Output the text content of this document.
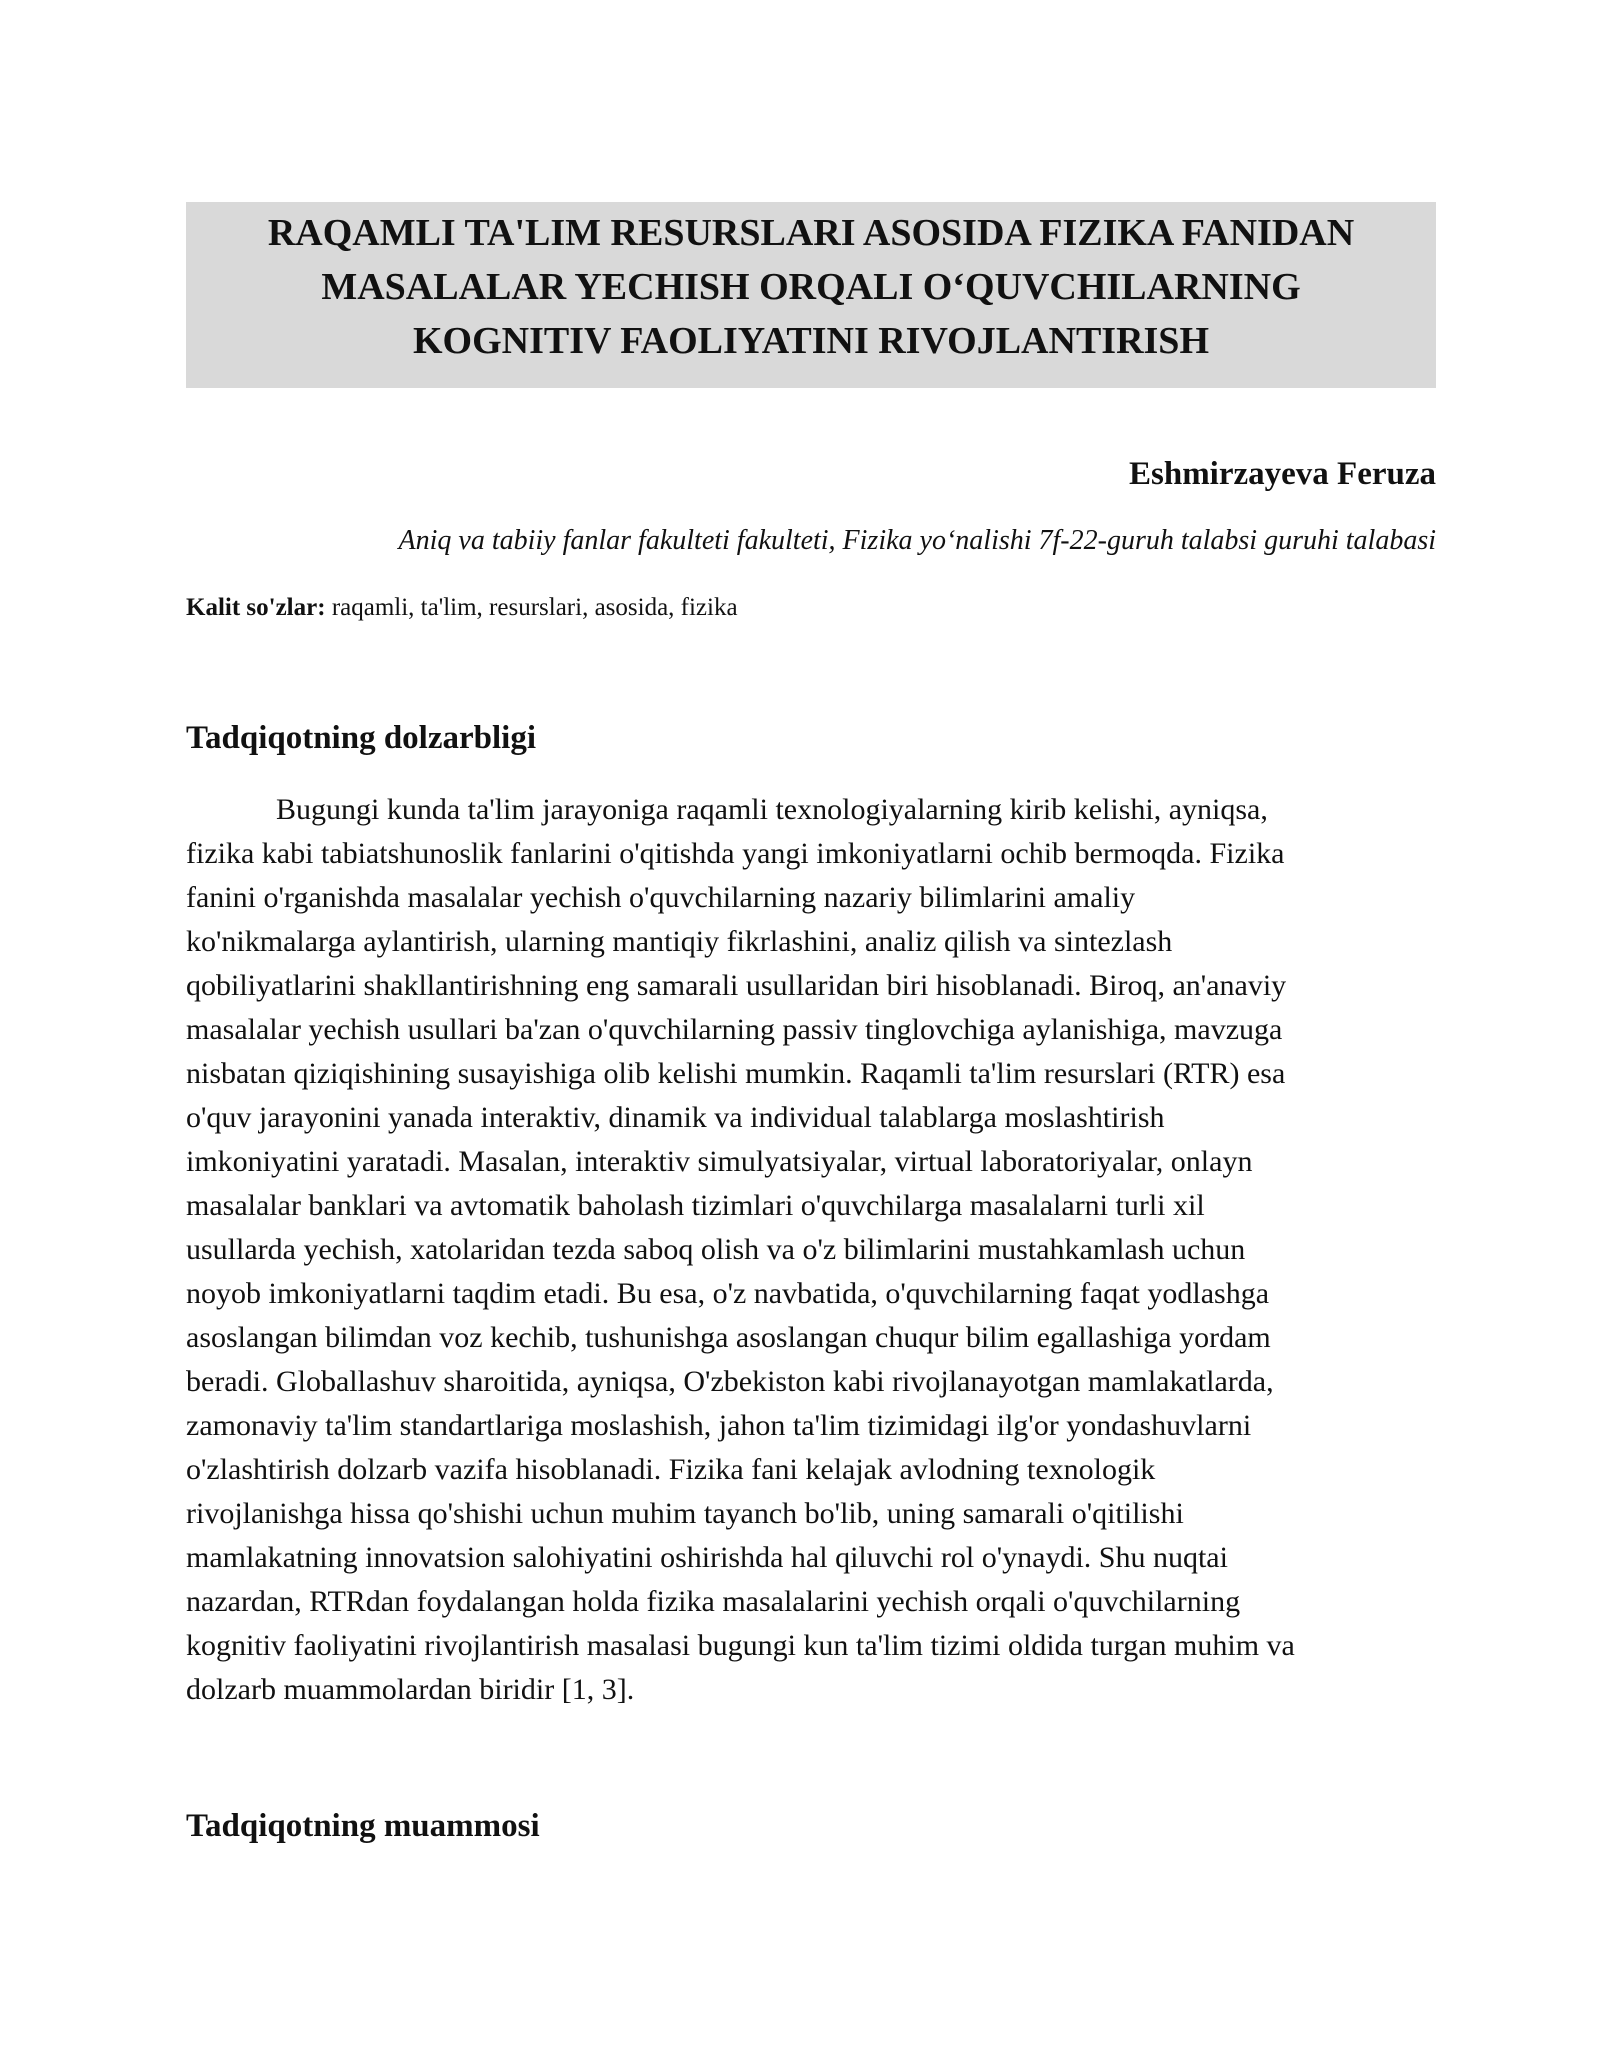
RAQAMLI TA'LIM RESURSLARI ASOSIDA FIZIKA FANIDAN
MASALALAR YECHISH ORQALI O‘QUVCHILARNING
KOGNITIV FAOLIYATINI RIVOJLANTIRISH
Eshmirzayeva Feruza
Aniq va tabiiy fanlar fakulteti fakulteti, Fizika yo‘nalishi 7f-22-guruh talabsi guruhi talabasi
Kalit so'zlar: raqamli, ta'lim, resurslari, asosida, fizika
Tadqiqotning dolzarbligi
Bugungi kunda ta'lim jarayoniga raqamli texnologiyalarning kirib kelishi, ayniqsa,
fizika kabi tabiatshunoslik fanlarini o'qitishda yangi imkoniyatlarni ochib bermoqda. Fizika
fanini o'rganishda masalalar yechish o'quvchilarning nazariy bilimlarini amaliy
ko'nikmalarga aylantirish, ularning mantiqiy fikrlashini, analiz qilish va sintezlash
qobiliyatlarini shakllantirishning eng samarali usullaridan biri hisoblanadi. Biroq, an'anaviy
masalalar yechish usullari ba'zan o'quvchilarning passiv tinglovchiga aylanishiga, mavzuga
nisbatan qiziqishining susayishiga olib kelishi mumkin. Raqamli ta'lim resurslari (RTR) esa
o'quv jarayonini yanada interaktiv, dinamik va individual talablarga moslashtirish
imkoniyatini yaratadi. Masalan, interaktiv simulyatsiyalar, virtual laboratoriyalar, onlayn
masalalar banklari va avtomatik baholash tizimlari o'quvchilarga masalalarni turli xil
usullarda yechish, xatolaridan tezda saboq olish va o'z bilimlarini mustahkamlash uchun
noyob imkoniyatlarni taqdim etadi. Bu esa, o'z navbatida, o'quvchilarning faqat yodlashga
asoslangan bilimdan voz kechib, tushunishga asoslangan chuqur bilim egallashiga yordam
beradi. Globallashuv sharoitida, ayniqsa, O'zbekiston kabi rivojlanayotgan mamlakatlarda,
zamonaviy ta'lim standartlariga moslashish, jahon ta'lim tizimidagi ilg'or yondashuvlarni
o'zlashtirish dolzarb vazifa hisoblanadi. Fizika fani kelajak avlodning texnologik
rivojlanishga hissa qo'shishi uchun muhim tayanch bo'lib, uning samarali o'qitilishi
mamlakatning innovatsion salohiyatini oshirishda hal qiluvchi rol o'ynaydi. Shu nuqtai
nazardan, RTRdan foydalangan holda fizika masalalarini yechish orqali o'quvchilarning
kognitiv faoliyatini rivojlantirish masalasi bugungi kun ta'lim tizimi oldida turgan muhim va
dolzarb muammolardan biridir [1, 3].
Tadqiqotning muammosi
